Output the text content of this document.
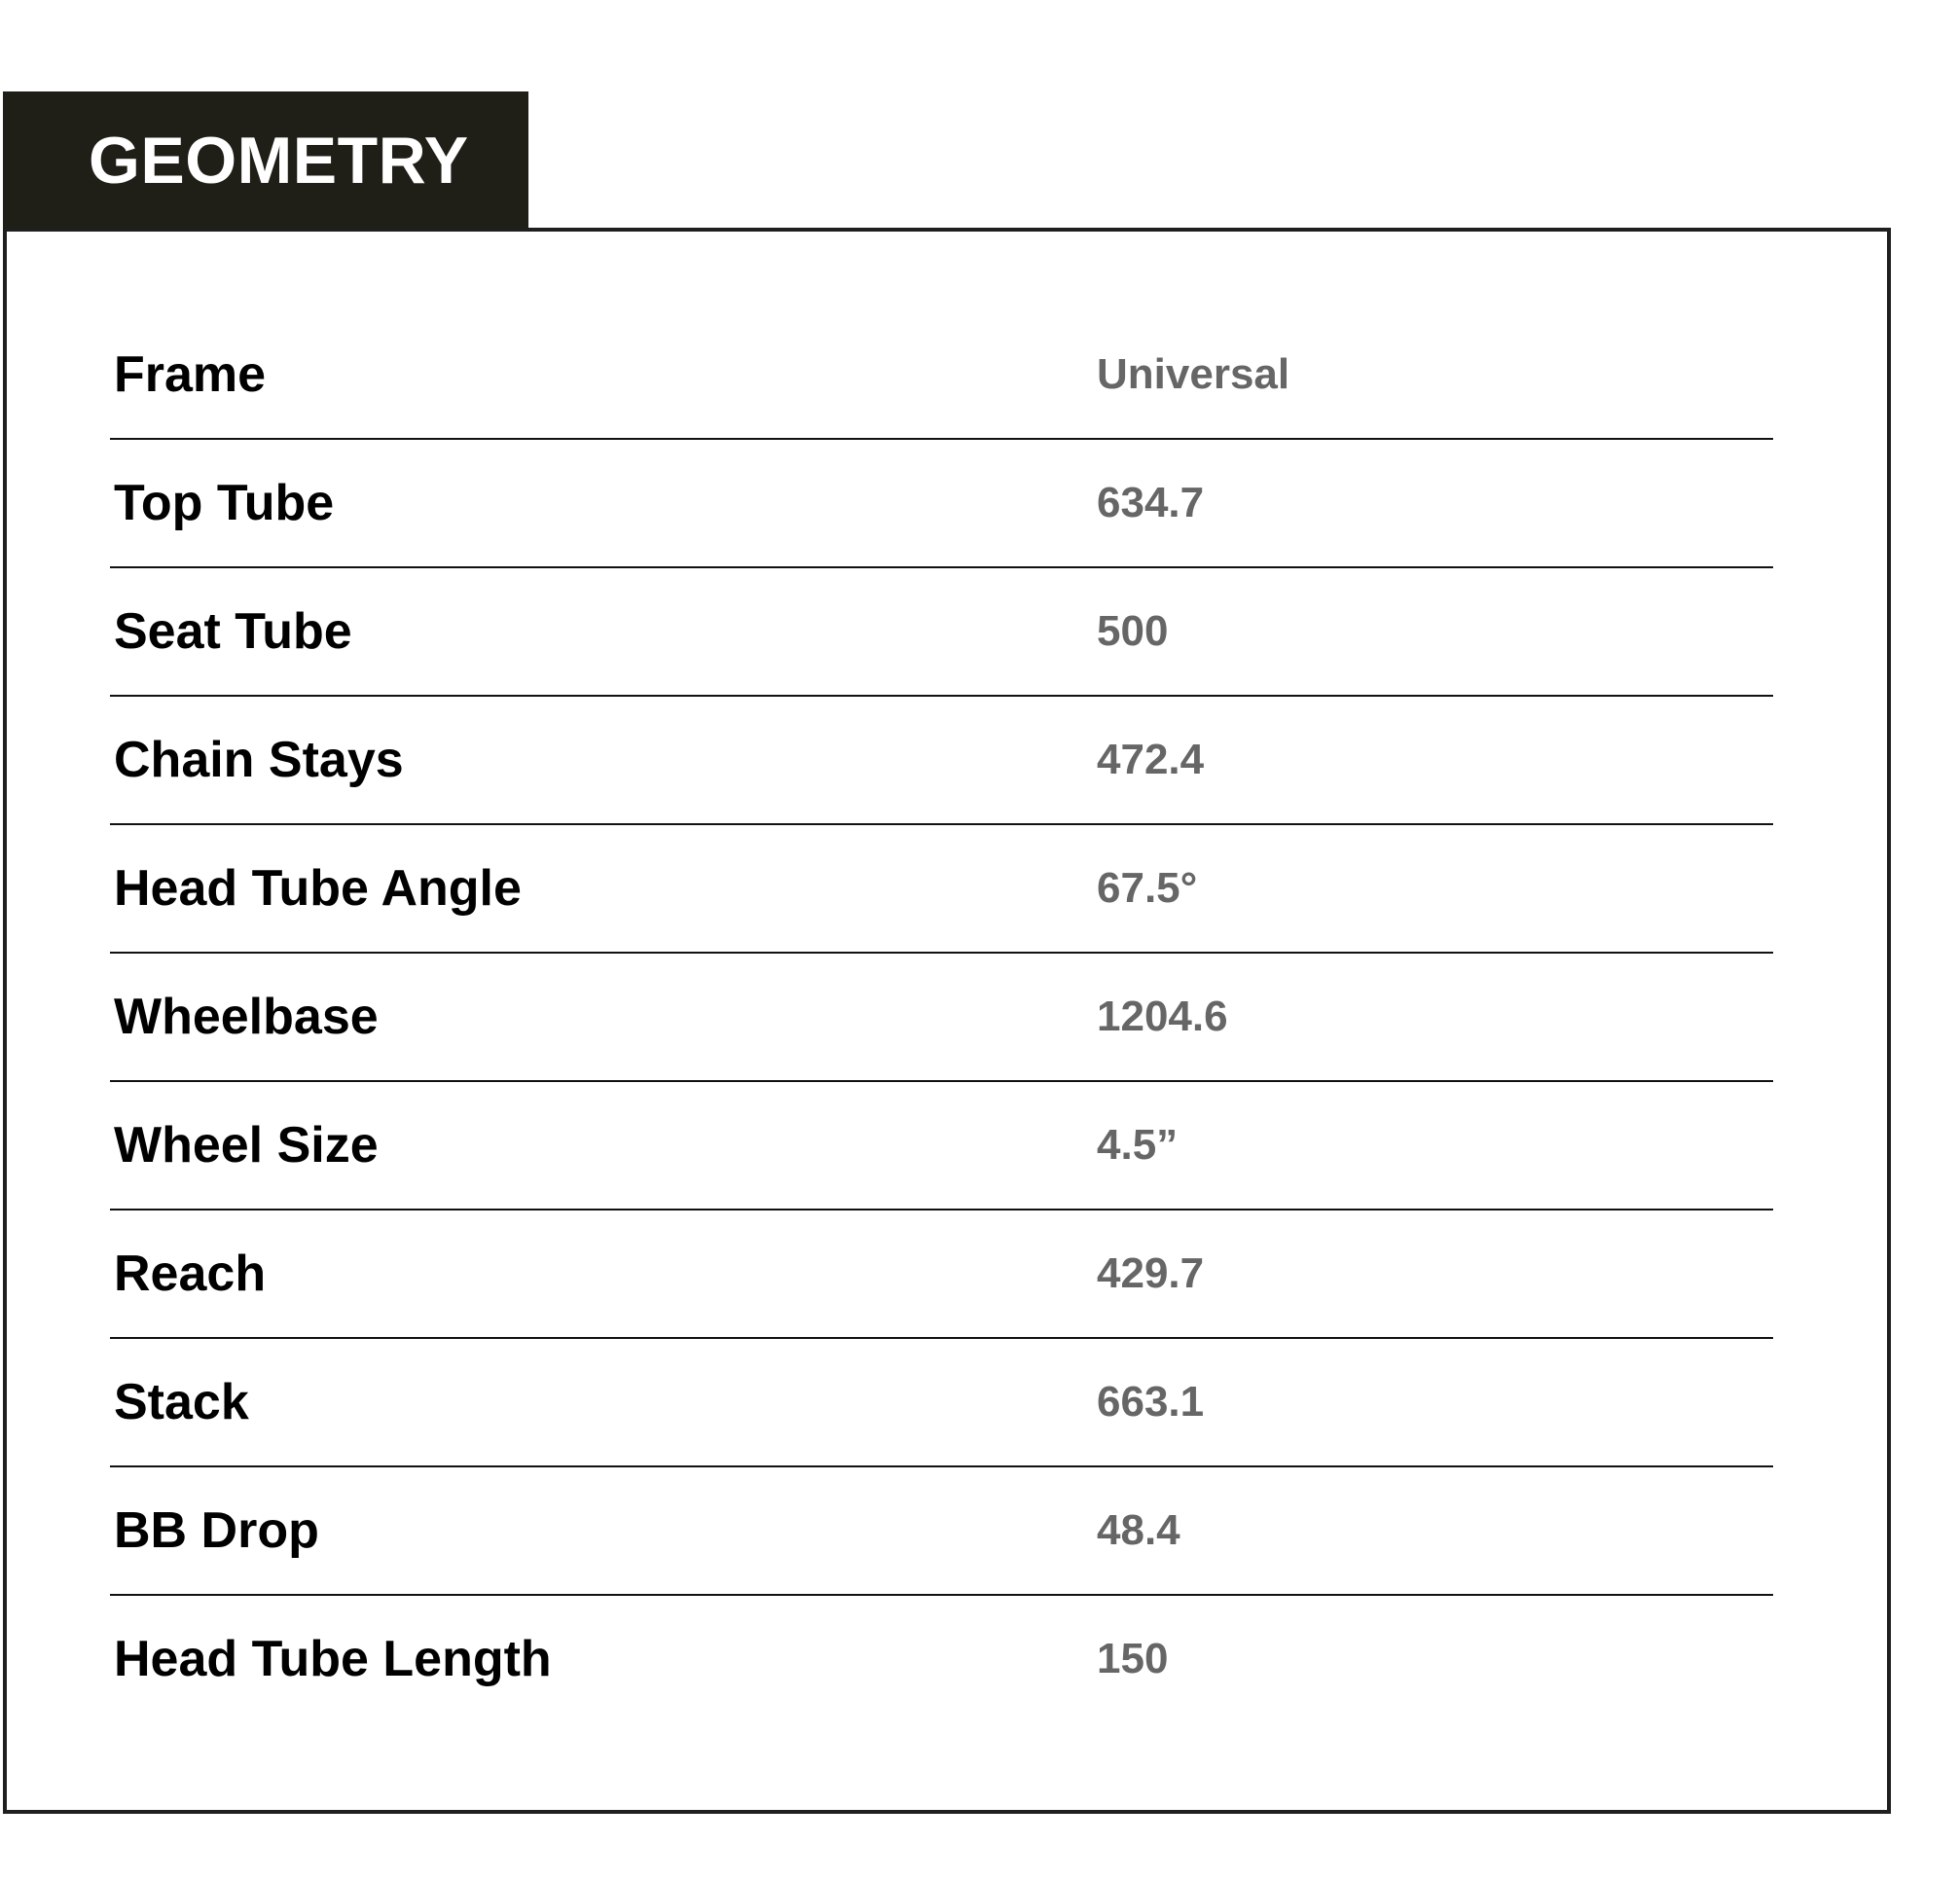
GEOMETRY
Frame	Universal
Top Tube	634.7
Seat Tube	500
Chain Stays	472.4
Head Tube Angle	67.5°
Wheelbase	1204.6
Wheel Size	4.5”
Reach	429.7
Stack	663.1
BB Drop	48.4
Head Tube Length	150
